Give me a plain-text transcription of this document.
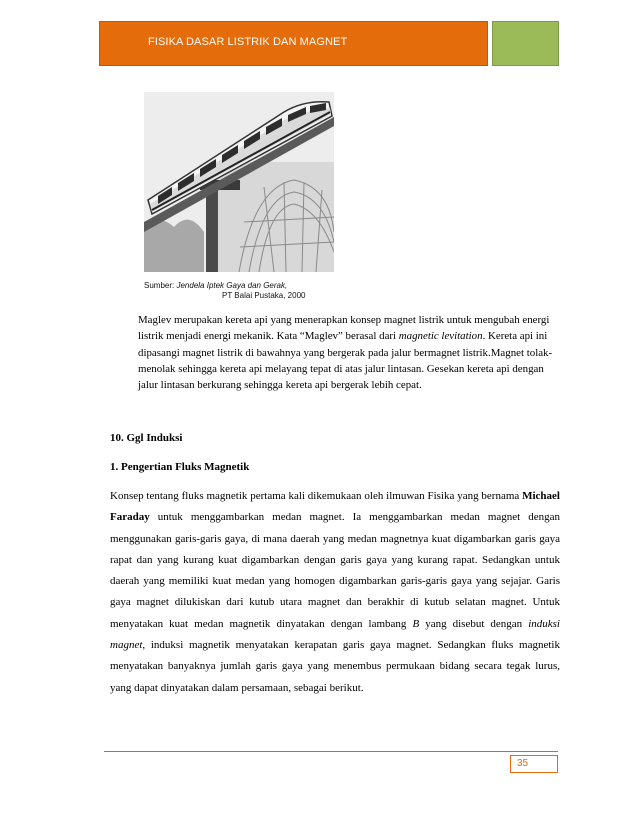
FISIKA DASAR LISTRIK DAN MAGNET
Sumber: Jendela Iptek Gaya dan Gerak,
PT Balai Pustaka, 2000

Maglev merupakan kereta api yang menerapkan konsep magnet listrik untuk mengubah energi listrik menjadi energi mekanik. Kata “Maglev” berasal dari magnetic levitation. Kereta api ini dipasangi magnet listrik di bawahnya yang bergerak pada jalur bermagnet listrik.Magnet tolak-menolak sehingga kereta api melayang tepat di atas jalur lintasan. Gesekan kereta api dengan jalur lintasan berkurang sehingga kereta api bergerak lebih cepat.

10. Ggl Induksi
1. Pengertian Fluks Magnetik

Konsep tentang fluks magnetik pertama kali dikemukaan oleh ilmuwan Fisika yang bernama Michael Faraday untuk menggambarkan medan magnet. Ia menggambarkan medan magnet dengan menggunakan garis-garis gaya, di mana daerah yang medan magnetnya kuat digambarkan garis gaya rapat dan yang kurang kuat digambarkan dengan garis gaya yang kurang rapat. Sedangkan untuk daerah yang memiliki kuat medan yang homogen digambarkan garis-garis gaya yang sejajar. Garis gaya magnet dilukiskan dari kutub utara magnet dan berakhir di kutub selatan magnet. Untuk menyatakan kuat medan magnetik dinyatakan dengan lambang B yang disebut dengan induksi magnet, induksi magnetik menyatakan kerapatan garis gaya magnet. Sedangkan fluks magnetik menyatakan banyaknya jumlah garis gaya yang menembus permukaan bidang secara tegak lurus, yang dapat dinyatakan dalam persamaan, sebagai berikut.

35
